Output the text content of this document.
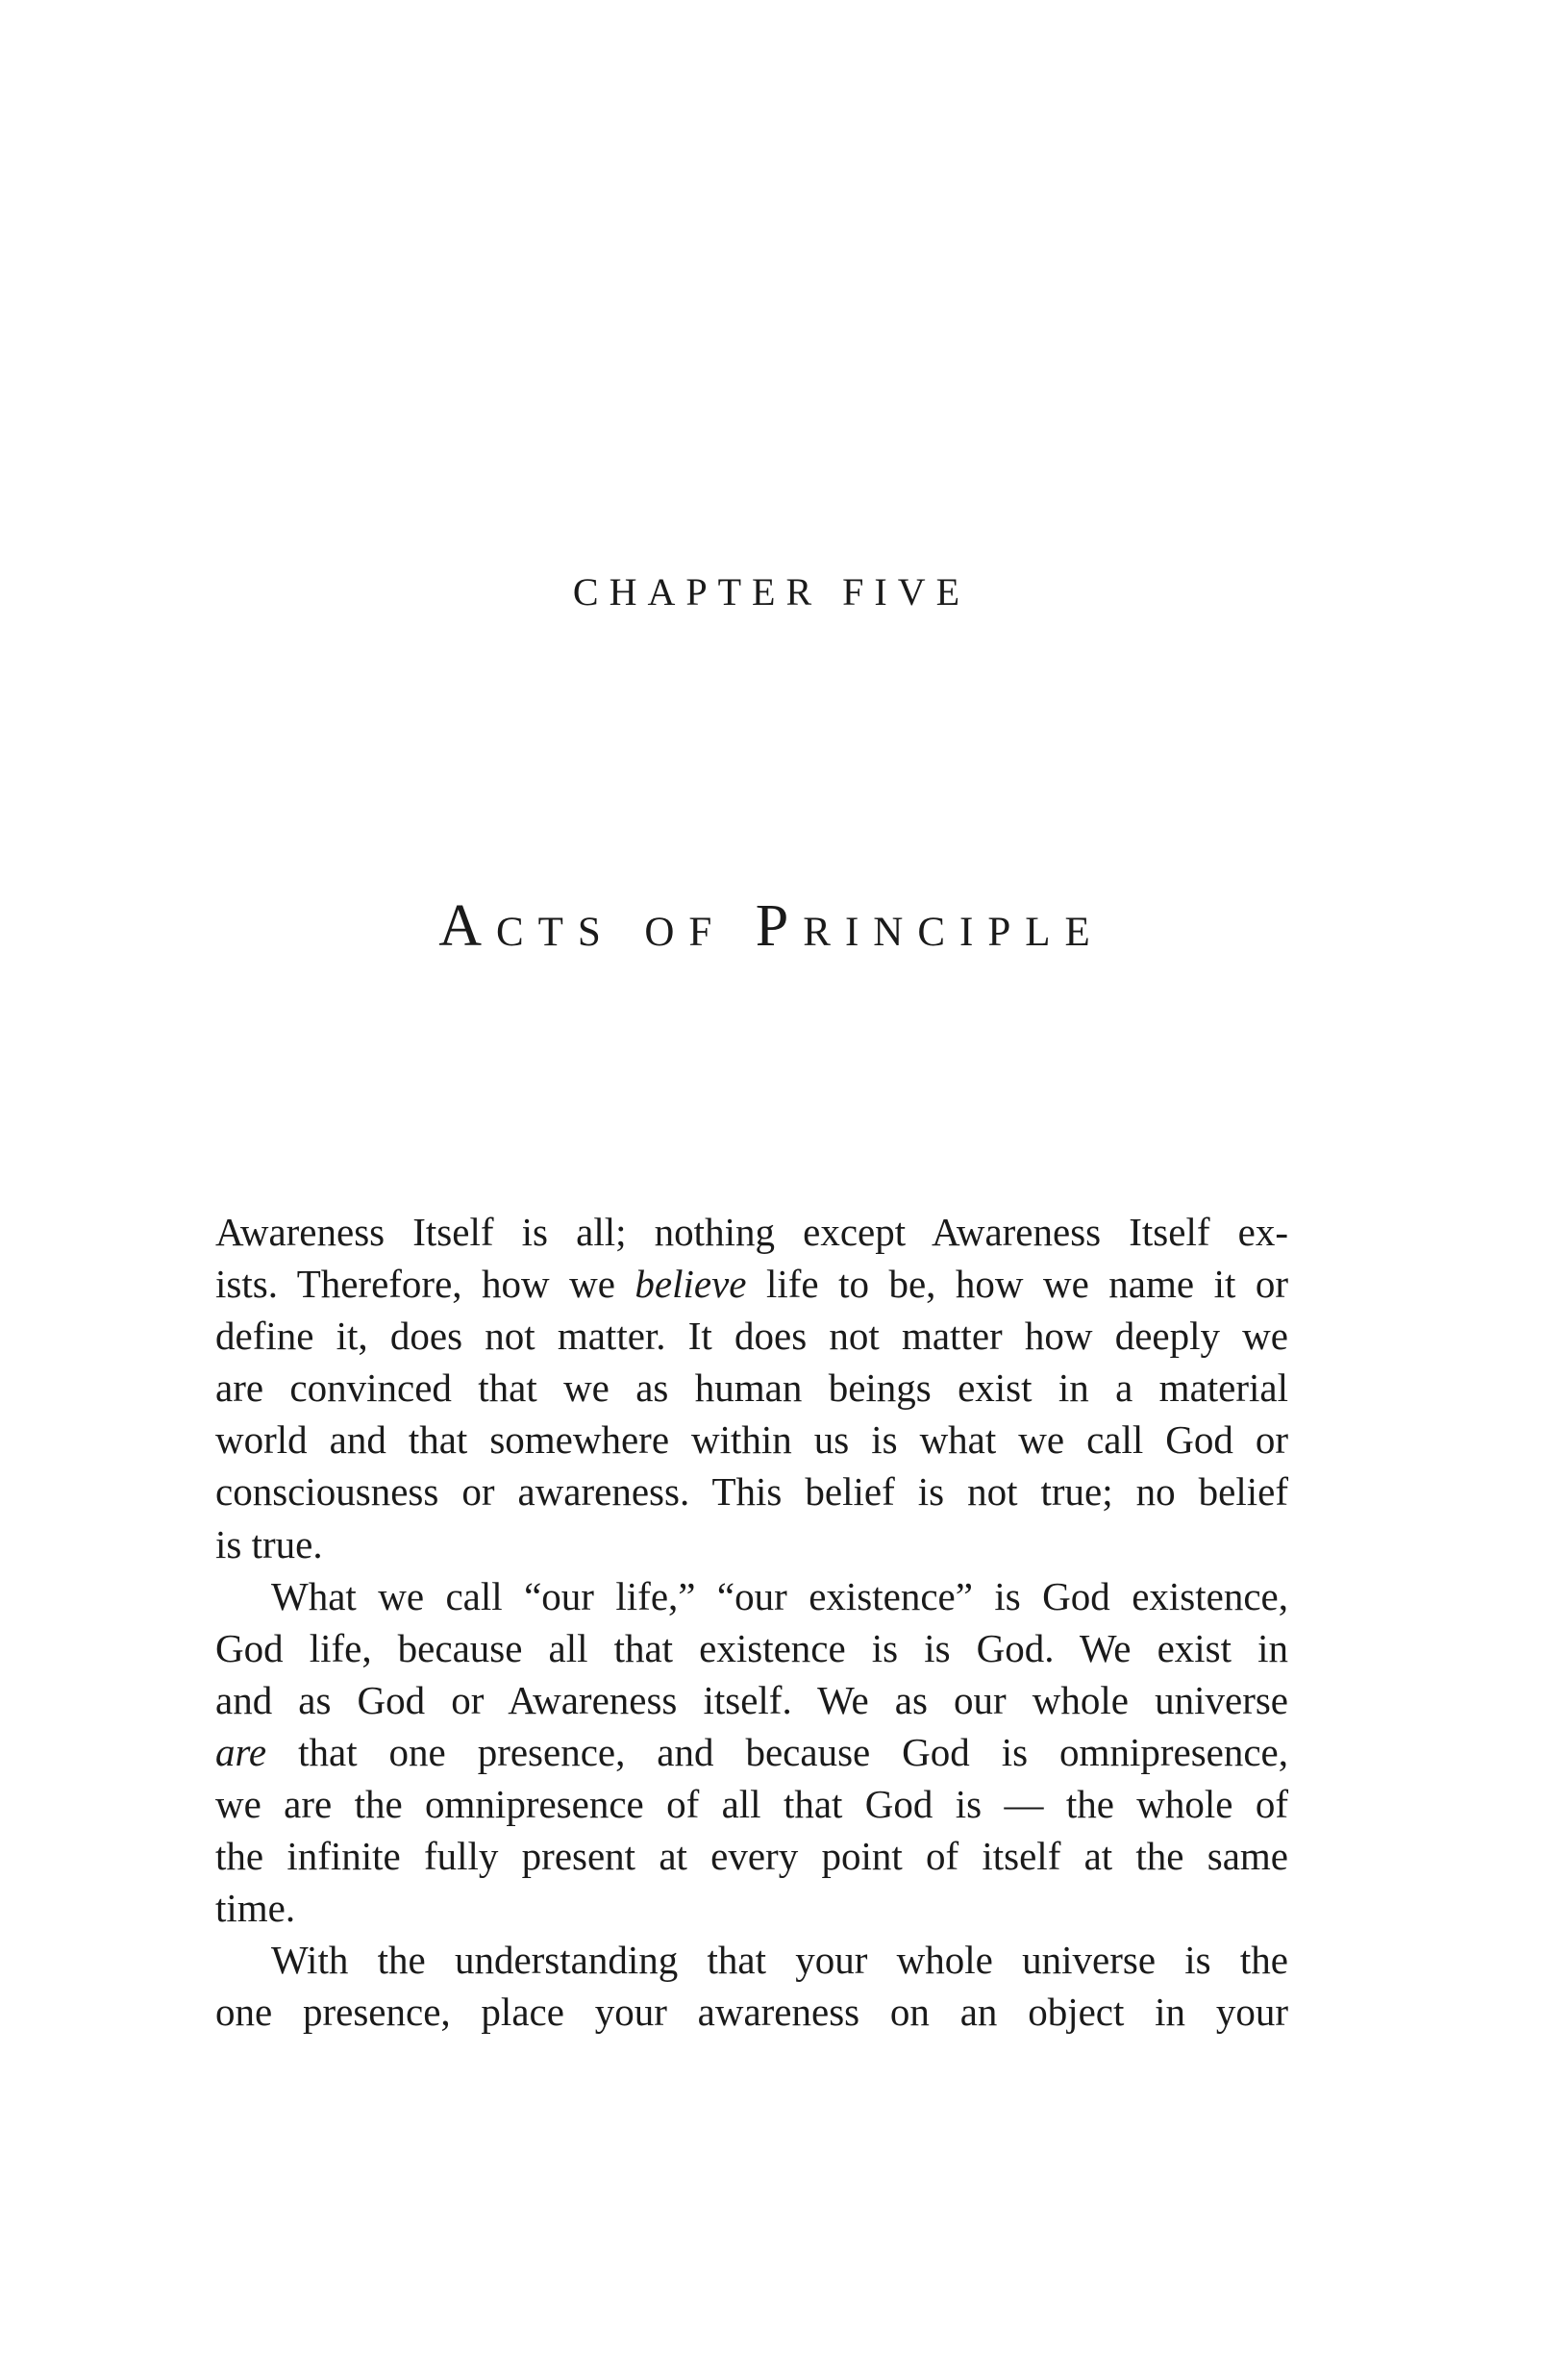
CHAPTER FIVE
Acts of Principle
Awareness Itself is all; nothing except Awareness Itself ex-
ists. Therefore, how we believe life to be, how we name it or
define it, does not matter. It does not matter how deeply we
are convinced that we as human beings exist in a material
world and that somewhere within us is what we call God or
consciousness or awareness. This belief is not true; no belief
is true.
What we call “our life,” “our existence” is God existence,
God life, because all that existence is is God. We exist in
and as God or Awareness itself. We as our whole universe
are that one presence, and because God is omnipresence,
we are the omnipresence of all that God is — the whole of
the infinite fully present at every point of itself at the same
time.
With the understanding that your whole universe is the
one presence, place your awareness on an object in your
